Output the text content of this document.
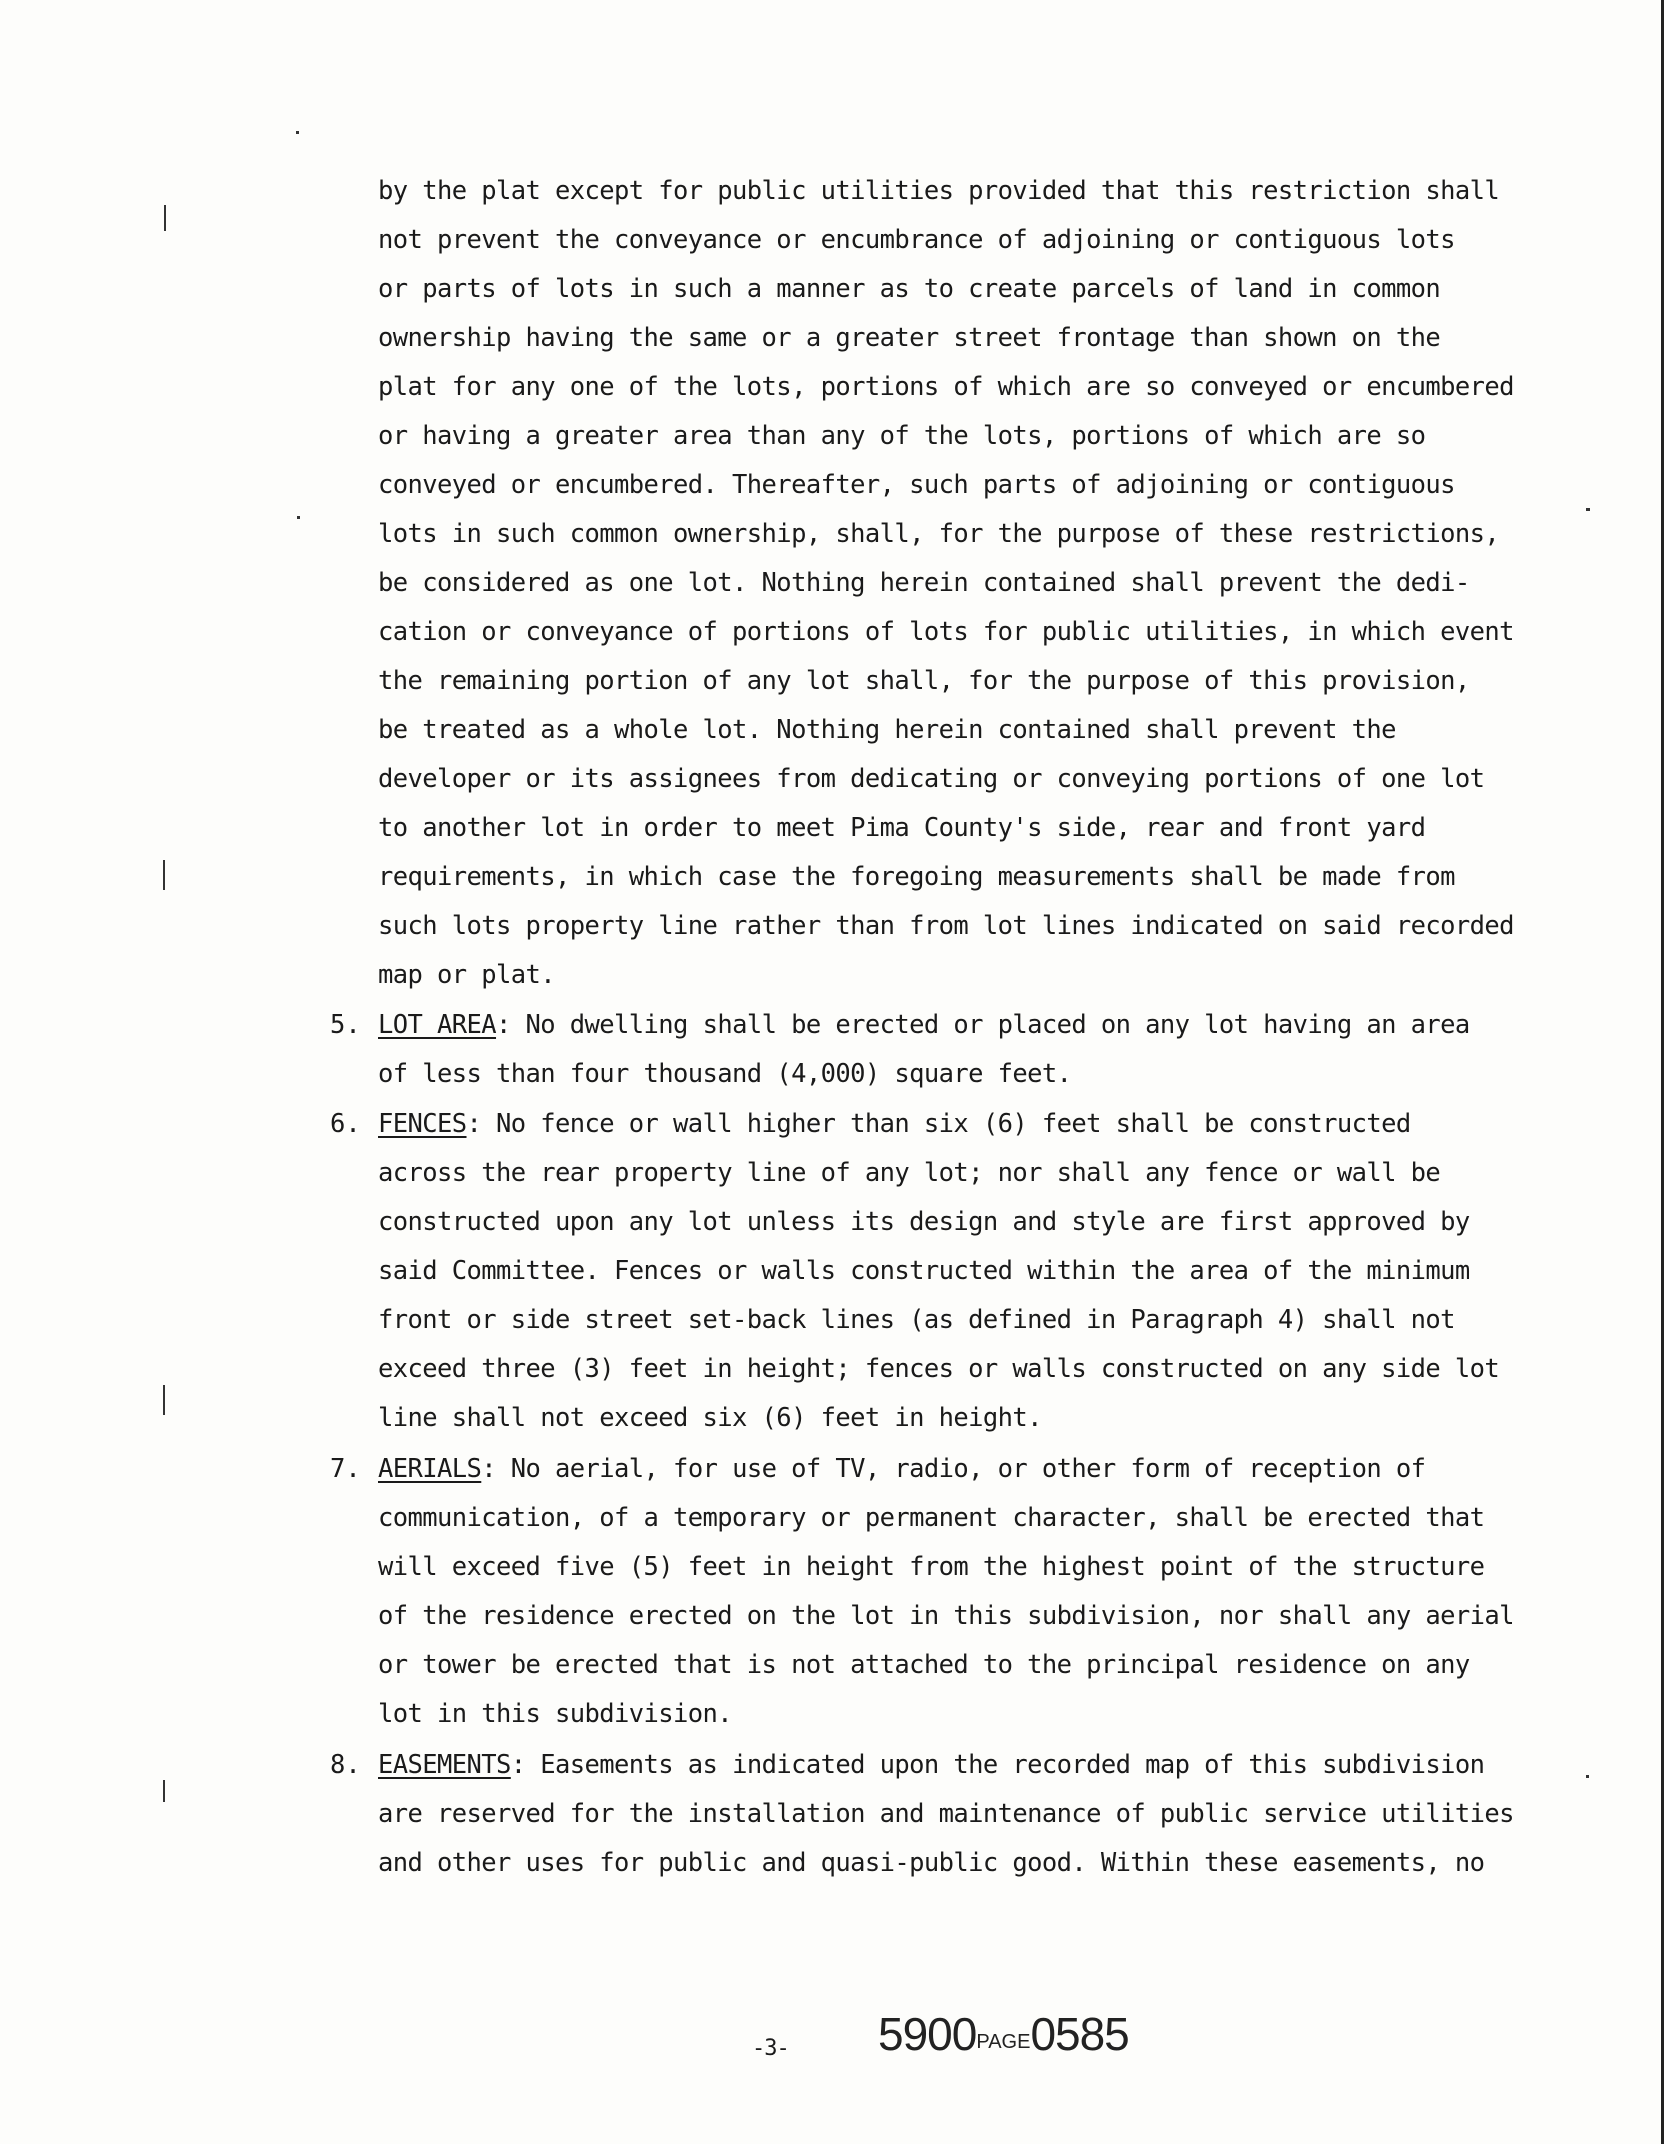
by the plat except for public utilities provided that this restriction shall
not prevent the conveyance or encumbrance of adjoining or contiguous lots
or parts of lots in such a manner as to create parcels of land in common
ownership having the same or a greater street frontage than shown on the
plat for any one of the lots, portions of which are so conveyed or encumbered
or having a greater area than any of the lots, portions of which are so
conveyed or encumbered. Thereafter, such parts of adjoining or contiguous
lots in such common ownership, shall, for the purpose of these restrictions,
be considered as one lot. Nothing herein contained shall prevent the dedi-
cation or conveyance of portions of lots for public utilities, in which event
the remaining portion of any lot shall, for the purpose of this provision,
be treated as a whole lot. Nothing herein contained shall prevent the
developer or its assignees from dedicating or conveying portions of one lot
to another lot in order to meet Pima County's side, rear and front yard
requirements, in which case the foregoing measurements shall be made from
such lots property line rather than from lot lines indicated on said recorded
map or plat.
5. LOT AREA: No dwelling shall be erected or placed on any lot having an area
of less than four thousand (4,000) square feet.
6. FENCES: No fence or wall higher than six (6) feet shall be constructed
across the rear property line of any lot; nor shall any fence or wall be
constructed upon any lot unless its design and style are first approved by
said Committee. Fences or walls constructed within the area of the minimum
front or side street set-back lines (as defined in Paragraph 4) shall not
exceed three (3) feet in height; fences or walls constructed on any side lot
line shall not exceed six (6) feet in height.
7. AERIALS: No aerial, for use of TV, radio, or other form of reception of
communication, of a temporary or permanent character, shall be erected that
will exceed five (5) feet in height from the highest point of the structure
of the residence erected on the lot in this subdivision, nor shall any aerial
or tower be erected that is not attached to the principal residence on any
lot in this subdivision.
8. EASEMENTS: Easements as indicated upon the recorded map of this subdivision
are reserved for the installation and maintenance of public service utilities
and other uses for public and quasi-public good. Within these easements, no
-3- 5900PAGE0585
